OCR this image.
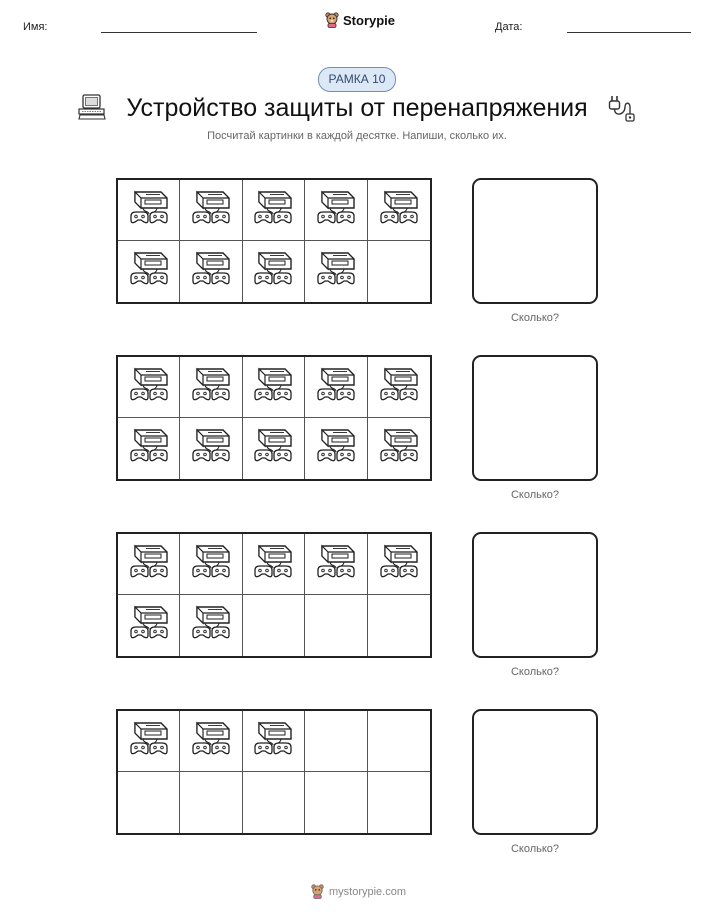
Имя:	Storypie	Дата:
РАМКА 10
Устройство защиты от перенапряжения
Посчитай картинки в каждой десятке. Напиши, сколько их.
Сколько?
Сколько?
Сколько?
Сколько?
mystorypie.com
